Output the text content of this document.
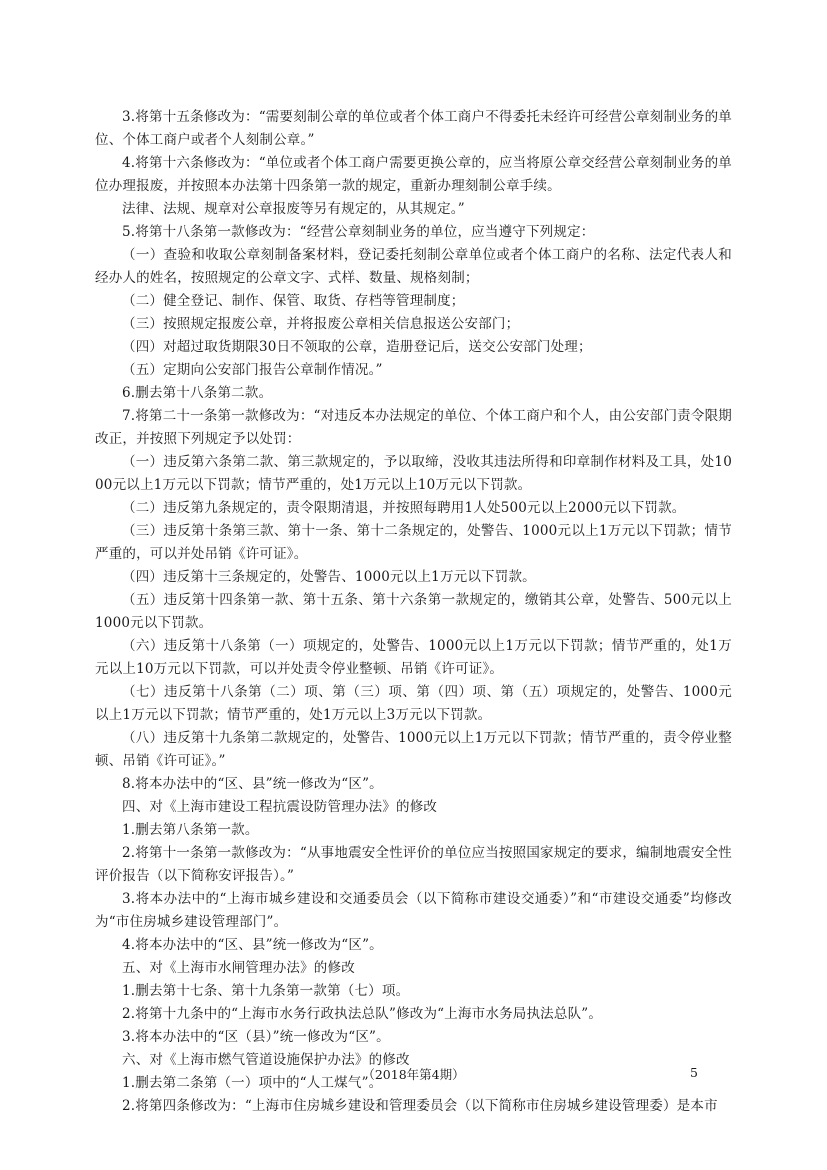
3.将第十五条修改为：“需要刻制公章的单位或者个体工商户不得委托未经许可经营公章刻制业务的单位、个体工商户或者个人刻制公章。”

4.将第十六条修改为：“单位或者个体工商户需要更换公章的，应当将原公章交经营公章刻制业务的单位办理报废，并按照本办法第十四条第一款的规定，重新办理刻制公章手续。

法律、法规、规章对公章报废等另有规定的，从其规定。”

5.将第十八条第一款修改为：“经营公章刻制业务的单位，应当遵守下列规定：

（一）查验和收取公章刻制备案材料，登记委托刻制公章单位或者个体工商户的名称、法定代表人和经办人的姓名，按照规定的公章文字、式样、数量、规格刻制；

（二）健全登记、制作、保管、取货、存档等管理制度；

（三）按照规定报废公章，并将报废公章相关信息报送公安部门；

（四）对超过取货期限30日不领取的公章，造册登记后，送交公安部门处理；

（五）定期向公安部门报告公章制作情况。”

6.删去第十八条第二款。

7.将第二十一条第一款修改为：“对违反本办法规定的单位、个体工商户和个人，由公安部门责令限期改正，并按照下列规定予以处罚：

（一）违反第六条第二款、第三款规定的，予以取缔，没收其违法所得和印章制作材料及工具，处1000元以上1万元以下罚款；情节严重的，处1万元以上10万元以下罚款。

（二）违反第九条规定的，责令限期清退，并按照每聘用1人处500元以上2000元以下罚款。

（三）违反第十条第三款、第十一条、第十二条规定的，处警告、1000元以上1万元以下罚款；情节严重的，可以并处吊销《许可证》。

（四）违反第十三条规定的，处警告、1000元以上1万元以下罚款。

（五）违反第十四条第一款、第十五条、第十六条第一款规定的，缴销其公章，处警告、500元以上1000元以下罚款。

（六）违反第十八条第（一）项规定的，处警告、1000元以上1万元以下罚款；情节严重的，处1万元以上10万元以下罚款，可以并处责令停业整顿、吊销《许可证》。

（七）违反第十八条第（二）项、第（三）项、第（四）项、第（五）项规定的，处警告、1000元以上1万元以下罚款；情节严重的，处1万元以上3万元以下罚款。

（八）违反第十九条第二款规定的，处警告、1000元以上1万元以下罚款；情节严重的，责令停业整顿、吊销《许可证》。”

8.将本办法中的“区、县”统一修改为“区”。

四、对《上海市建设工程抗震设防管理办法》的修改

1.删去第八条第一款。

2.将第十一条第一款修改为：“从事地震安全性评价的单位应当按照国家规定的要求，编制地震安全性评价报告（以下简称安评报告）。”

3.将本办法中的“上海市城乡建设和交通委员会（以下简称市建设交通委）”和“市建设交通委”均修改为“市住房城乡建设管理部门”。

4.将本办法中的“区、县”统一修改为“区”。

五、对《上海市水闸管理办法》的修改

1.删去第十七条、第十九条第一款第（七）项。

2.将第十九条中的“上海市水务行政执法总队”修改为“上海市水务局执法总队”。

3.将本办法中的“区（县）”统一修改为“区”。

六、对《上海市燃气管道设施保护办法》的修改

1.删去第二条第（一）项中的“人工煤气”。

2.将第四条修改为：“上海市住房城乡建设和管理委员会（以下简称市住房城乡建设管理委）是本市

（2018年第4期）	5
